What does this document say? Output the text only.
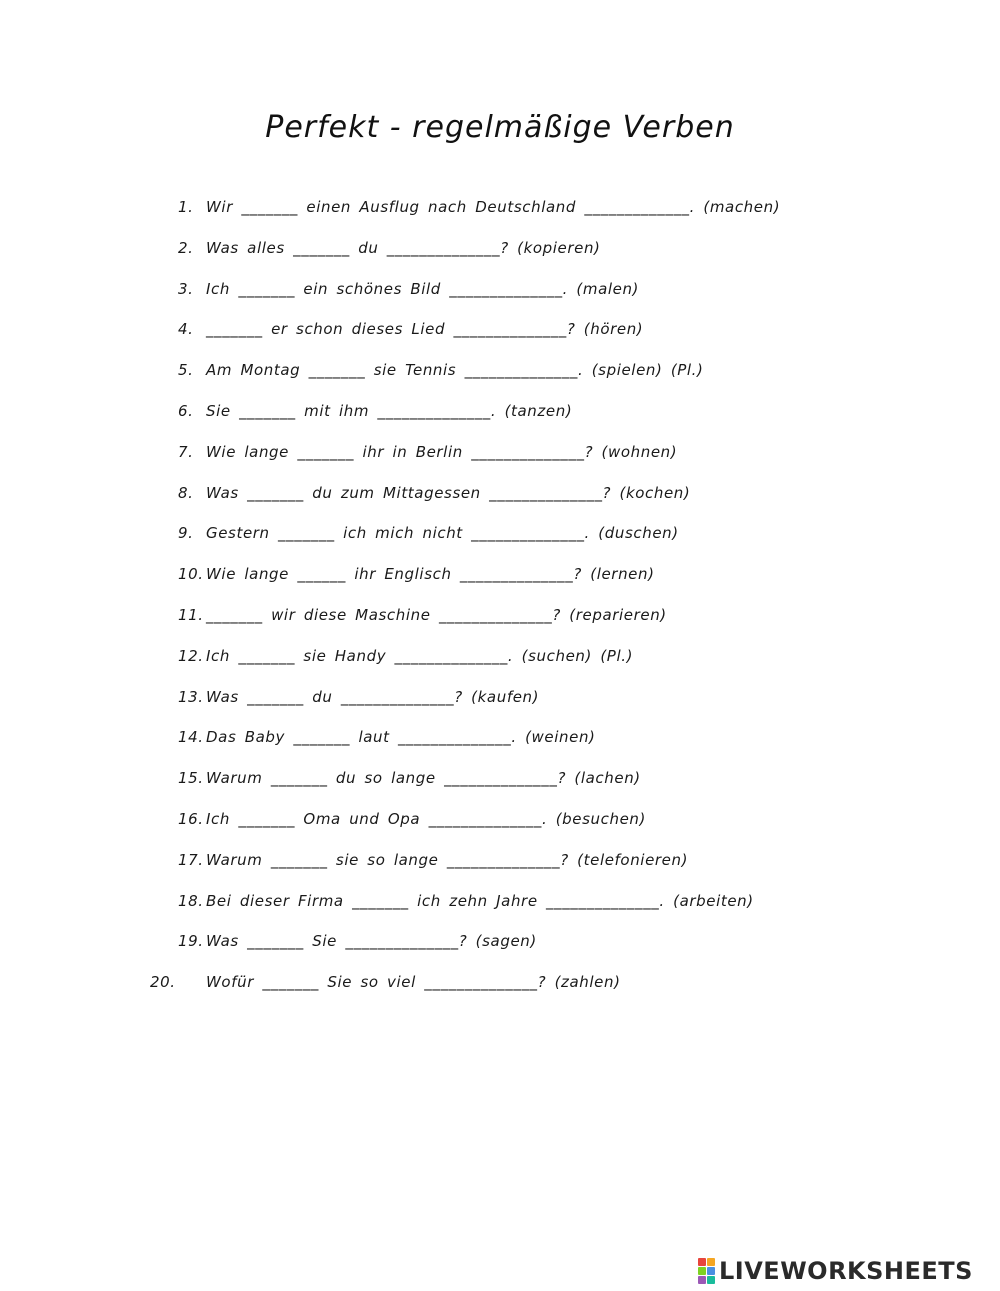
Perfekt - regelmäßige Verben
1. Wir _______ einen Ausflug nach Deutschland _____________. (machen)
2. Was alles _______ du ______________? (kopieren)
3. Ich _______ ein schönes Bild ______________. (malen)
4. _______ er schon dieses Lied ______________? (hören)
5. Am Montag _______ sie Tennis ______________. (spielen) (Pl.)
6. Sie _______ mit ihm ______________. (tanzen)
7. Wie lange _______ ihr in Berlin ______________? (wohnen)
8. Was _______ du zum Mittagessen ______________? (kochen)
9. Gestern _______ ich mich nicht ______________. (duschen)
10. Wie lange ______ ihr Englisch ______________? (lernen)
11. _______ wir diese Maschine ______________? (reparieren)
12. Ich _______ sie Handy ______________. (suchen) (Pl.)
13. Was _______ du ______________? (kaufen)
14. Das Baby _______ laut ______________. (weinen)
15. Warum _______ du so lange ______________? (lachen)
16. Ich _______ Oma und Opa ______________. (besuchen)
17. Warum _______ sie so lange ______________? (telefonieren)
18. Bei dieser Firma _______ ich zehn Jahre ______________. (arbeiten)
19. Was _______ Sie ______________? (sagen)
20. Wofür _______ Sie so viel ______________? (zahlen)
LIVEWORKSHEETS
